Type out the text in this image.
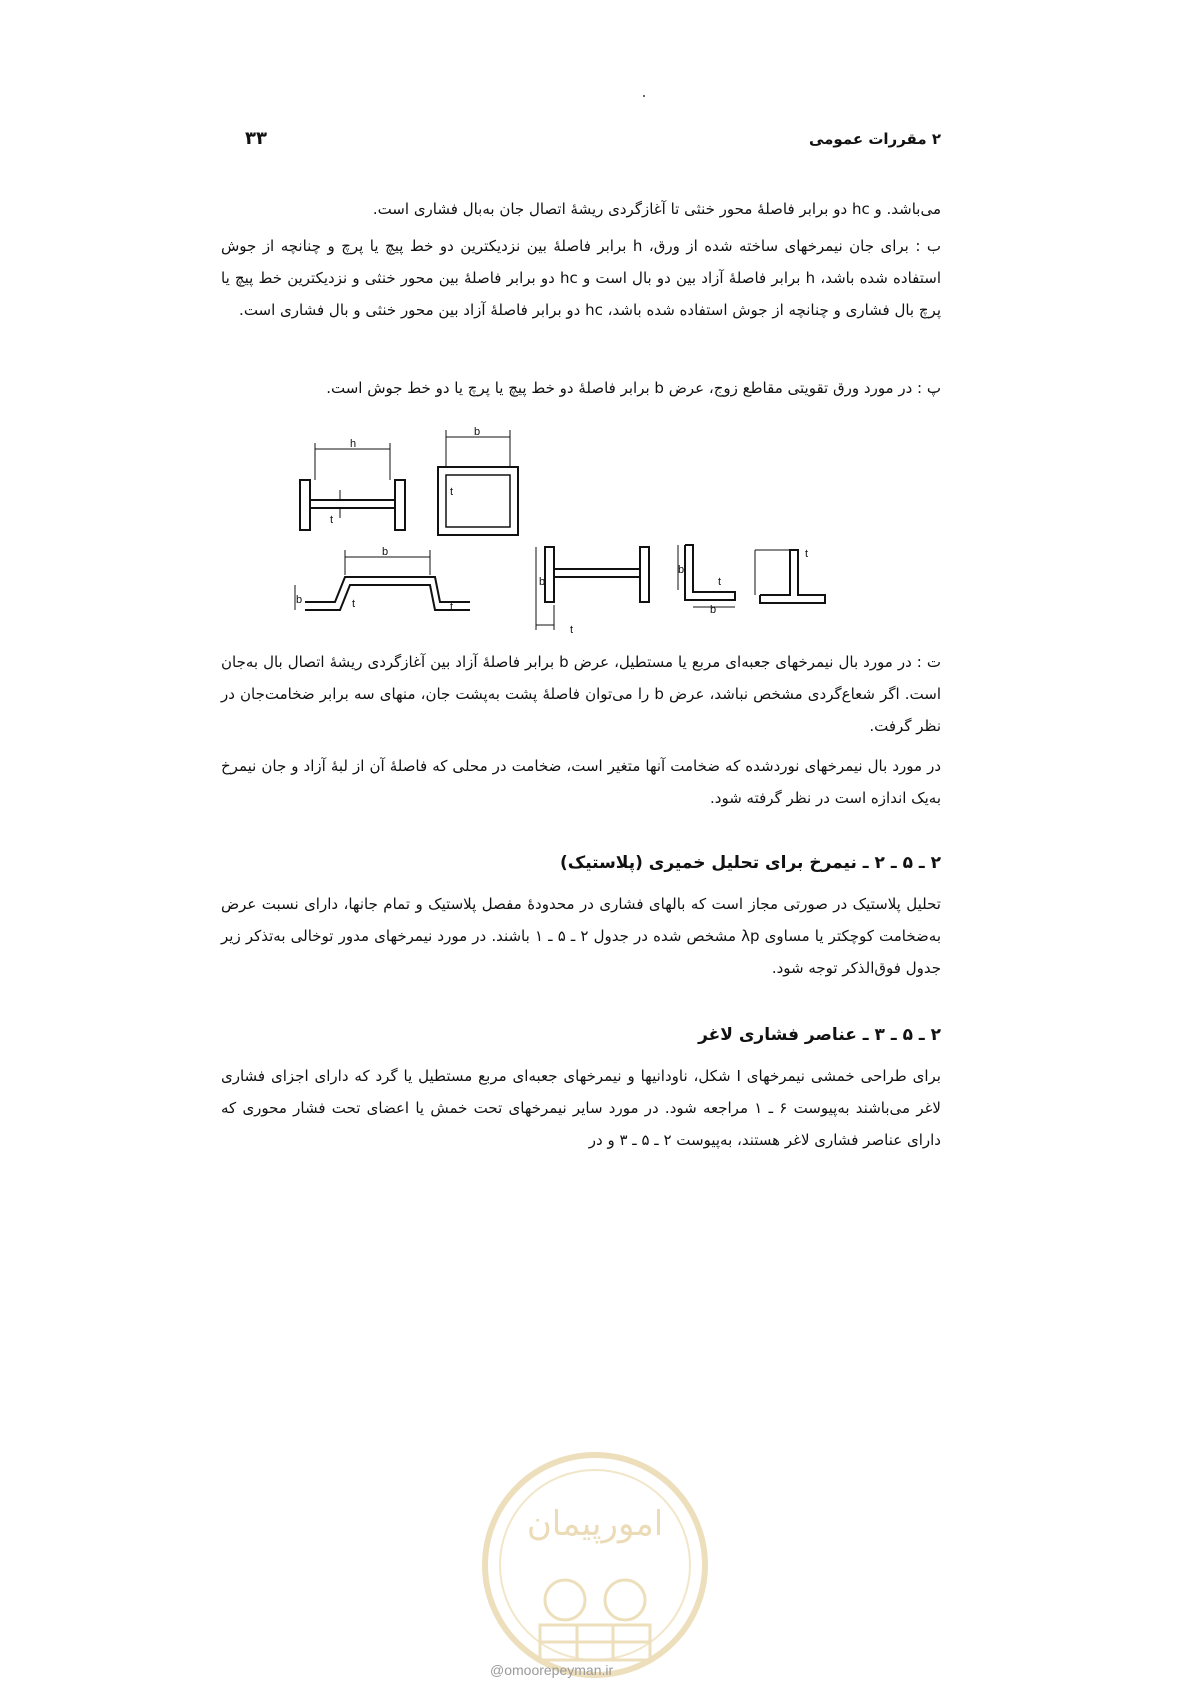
۲ مقررات عمومی
۳۳
می‌باشد. و hc دو برابر فاصلهٔ محور خنثی تا آغازگردی ریشهٔ اتصال جان به‌بال فشاری است.
ب : برای جان نیمرخهای ساخته شده از ورق، h برابر فاصلهٔ بین نزدیکترین دو خط پیچ یا پرچ و چنانچه از جوش استفاده شده باشد، h برابر فاصلهٔ آزاد بین دو بال است و hc دو برابر فاصلهٔ بین محور خنثی و نزدیکترین خط پیچ یا پرچ بال فشاری و چنانچه از جوش استفاده شده باشد، hc دو برابر فاصلهٔ آزاد بین محور خنثی و بال فشاری است.
پ : در مورد ورق تقویتی مقاطع زوج، عرض b برابر فاصلهٔ دو خط پیچ یا پرچ یا دو خط جوش است.
h
b
t
t
b
b	t	t
b
t
b
b
t
t
ت : در مورد بال نیمرخهای جعبه‌ای مربع یا مستطیل، عرض b برابر فاصلهٔ آزاد بین آغازگردی ریشهٔ اتصال بال به‌جان است. اگر شعاع‌گردی مشخص نباشد، عرض b را می‌توان فاصلهٔ پشت به‌پشت جان، منهای سه برابر ضخامت‌جان در نظر گرفت.
در مورد بال نیمرخهای نوردشده که ضخامت آنها متغیر است، ضخامت در محلی که فاصلهٔ آن از لبهٔ آزاد و جان نیمرخ به‌یک اندازه است در نظر گرفته شود.
۲ ـ ۵ ـ ۲ ـ نیمرخ برای تحلیل خمیری (پلاستیک)
تحلیل پلاستیک در صورتی مجاز است که بالهای فشاری در محدودهٔ مفصل پلاستیک و تمام جانها، دارای نسبت عرض به‌ضخامت کوچکتر یا مساوی λp مشخص شده در جدول ۲ ـ ۵ ـ ۱ باشند. در مورد نیمرخهای مدور توخالی به‌تذکر زیر جدول فوق‌الذکر توجه شود.
۲ ـ ۵ ـ ۳ ـ عناصر فشاری لاغر
برای طراحی خمشی نیمرخهای I شکل، ناودانیها و نیمرخهای جعبه‌ای مربع مستطیل یا گرد که دارای اجزای فشاری لاغر می‌باشند به‌پیوست ۶ ـ ۱ مراجعه شود. در مورد سایر نیمرخهای تحت خمش یا اعضای تحت فشار محوری که دارای عناصر فشاری لاغر هستند، به‌پیوست ۲ ـ ۵ ـ ۳ و در
امورپیمان
@omoorepeyman.ir
